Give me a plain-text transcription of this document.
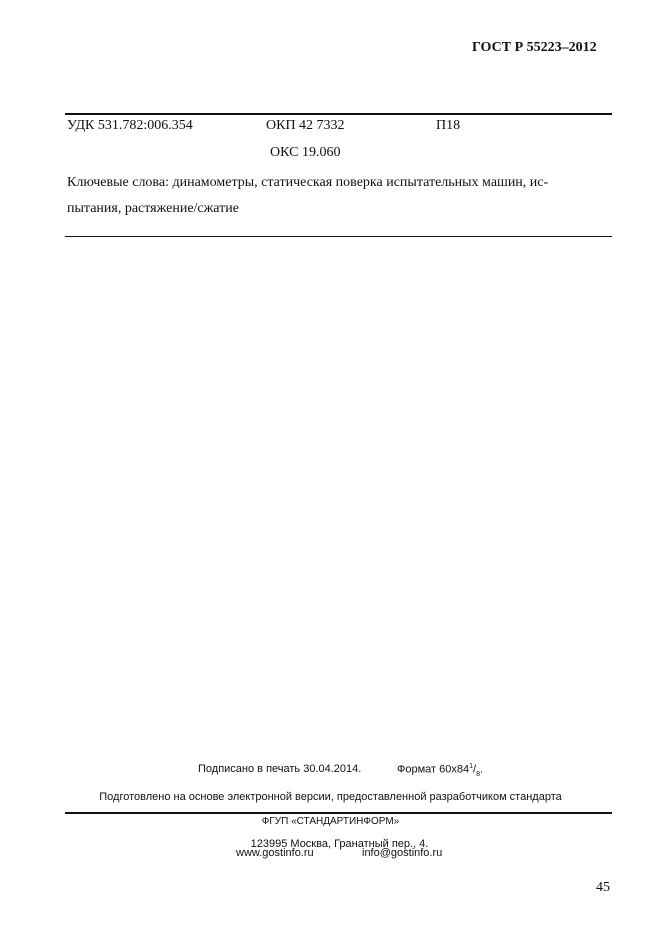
ГОСТ Р 55223–2012
УДК 531.782:006.354	ОКП 42 7332	П18
ОКС 19.060
Ключевые слова: динамометры, статическая поверка испытательных машин, ис-
пытания, растяжение/сжатие
Подписано в печать 30.04.2014.	Формат $60x84^1/_8$.
Подготовлено на основе электронной версии, предоставленной разработчиком стандарта
ФГУП «СТАНДАРТИНФОРМ»
123995 Москва, Гранатный пер., 4.
www.gostinfo.ru	info@gostinfo.ru
45
